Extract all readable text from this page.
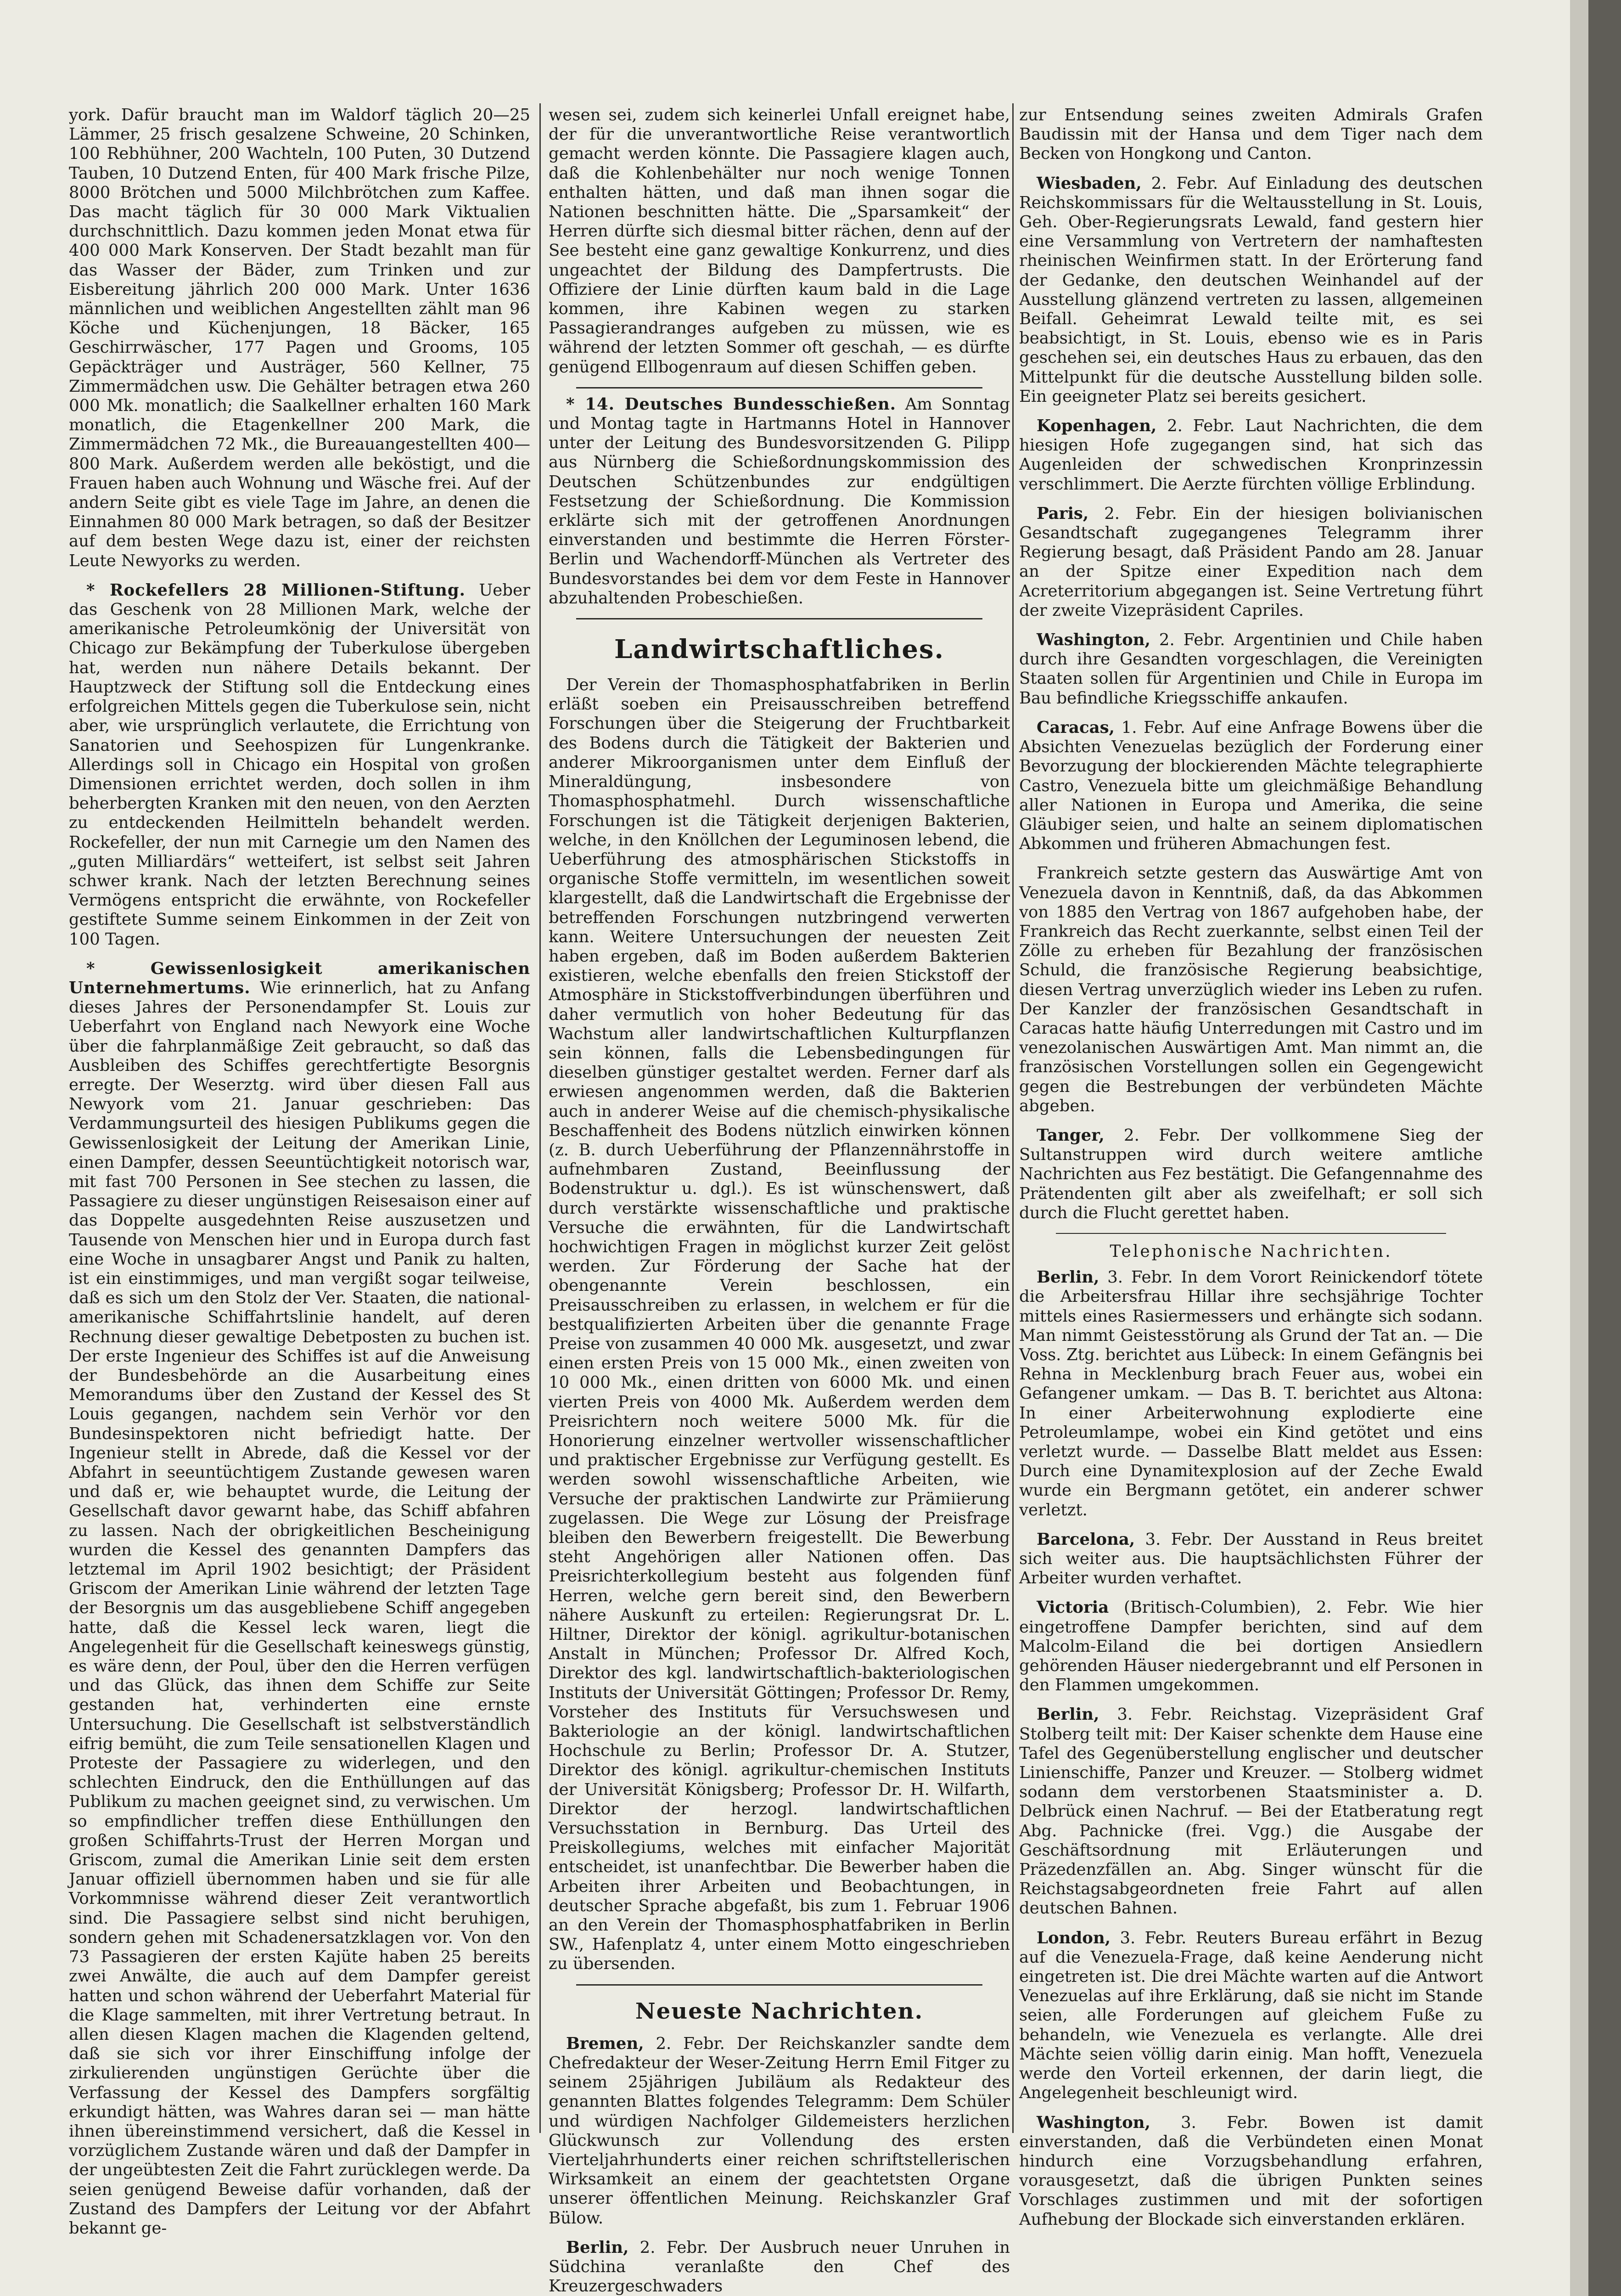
york. Dafür braucht man im Waldorf täglich 20—25 Lämmer, 25 frisch gesalzene Schweine, 20 Schinken, 100 Rebhühner, 200 Wachteln, 100 Puten, 30 Dutzend Tauben, 10 Dutzend Enten, für 400 Mark frische Pilze, 8000 Brötchen und 5000 Milchbrötchen zum Kaffee. Das macht täglich für 30 000 Mark Viktualien durchschnittlich. Dazu kommen jeden Monat etwa für 400 000 Mark Konserven. Der Stadt bezahlt man für das Wasser der Bäder, zum Trinken und zur Eisbereitung jährlich 200 000 Mark. Unter 1636 männlichen und weiblichen Angestellten zählt man 96 Köche und Küchenjungen, 18 Bäcker, 165 Geschirrwäscher, 177 Pagen und Grooms, 105 Gepäckträger und Austräger, 560 Kellner, 75 Zimmermädchen usw. Die Gehälter betragen etwa 260 000 Mk. monatlich; die Saalkellner erhalten 160 Mark monatlich, die Etagenkellner 200 Mark, die Zimmermädchen 72 Mk., die Bureauangestellten 400—800 Mark. Außerdem werden alle beköstigt, und die Frauen haben auch Wohnung und Wäsche frei. Auf der andern Seite gibt es viele Tage im Jahre, an denen die Einnahmen 80 000 Mark betragen, so daß der Besitzer auf dem besten Wege dazu ist, einer der reichsten Leute Newyorks zu werden.

* Rockefellers 28 Millionen-Stiftung. Ueber das Geschenk von 28 Millionen Mark, welche der amerikanische Petroleumkönig der Universität von Chicago zur Bekämpfung der Tuberkulose übergeben hat, werden nun nähere Details bekannt. Der Hauptzweck der Stiftung soll die Entdeckung eines erfolgreichen Mittels gegen die Tuberkulose sein, nicht aber, wie ursprünglich verlautete, die Errichtung von Sanatorien und Seehospizen für Lungenkranke. Allerdings soll in Chicago ein Hospital von großen Dimensionen errichtet werden, doch sollen in ihm beherbergten Kranken mit den neuen, von den Aerzten zu entdeckenden Heilmitteln behandelt werden. Rockefeller, der nun mit Carnegie um den Namen des „guten Milliardärs“ wetteifert, ist selbst seit Jahren schwer krank. Nach der letzten Berechnung seines Vermögens entspricht die erwähnte, von Rockefeller gestiftete Summe seinem Einkommen in der Zeit von 100 Tagen.

* Gewissenlosigkeit amerikanischen Unternehmertums. Wie erinnerlich, hat zu Anfang dieses Jahres der Personendampfer St. Louis zur Ueberfahrt von England nach Newyork eine Woche über die fahrplanmäßige Zeit gebraucht, so daß das Ausbleiben des Schiffes gerechtfertigte Besorgnis erregte. Der Weserztg. wird über diesen Fall aus Newyork vom 21. Januar geschrieben: Das Verdammungsurteil des hiesigen Publikums gegen die Gewissenlosigkeit der Leitung der Amerikan Linie, einen Dampfer, dessen Seeuntüchtigkeit notorisch war, mit fast 700 Personen in See stechen zu lassen, die Passagiere zu dieser ungünstigen Reisesaison einer auf das Doppelte ausgedehnten Reise auszusetzen und Tausende von Menschen hier und in Europa durch fast eine Woche in unsagbarer Angst und Panik zu halten, ist ein einstimmiges, und man vergißt sogar teilweise, daß es sich um den Stolz der Ver. Staaten, die national-amerikanische Schiffahrtslinie handelt, auf deren Rechnung dieser gewaltige Debetposten zu buchen ist. Der erste Ingenieur des Schiffes ist auf die Anweisung der Bundesbehörde an die Ausarbeitung eines Memorandums über den Zustand der Kessel des St Louis gegangen, nachdem sein Verhör vor den Bundesinspektoren nicht befriedigt hatte. Der Ingenieur stellt in Abrede, daß die Kessel vor der Abfahrt in seeuntüchtigem Zustande gewesen waren und daß er, wie behauptet wurde, die Leitung der Gesellschaft davor gewarnt habe, das Schiff abfahren zu lassen. Nach der obrigkeitlichen Bescheinigung wurden die Kessel des genannten Dampfers das letztemal im April 1902 besichtigt; der Präsident Griscom der Amerikan Linie während der letzten Tage der Besorgnis um das ausgebliebene Schiff angegeben hatte, daß die Kessel leck waren, liegt die Angelegenheit für die Gesellschaft keineswegs günstig, es wäre denn, der Poul, über den die Herren verfügen und das Glück, das ihnen dem Schiffe zur Seite gestanden hat, verhinderten eine ernste Untersuchung. Die Gesellschaft ist selbstverständlich eifrig bemüht, die zum Teile sensationellen Klagen und Proteste der Passagiere zu widerlegen, und den schlechten Eindruck, den die Enthüllungen auf das Publikum zu machen geeignet sind, zu verwischen. Um so empfindlicher treffen diese Enthüllungen den großen Schiffahrts-Trust der Herren Morgan und Griscom, zumal die Amerikan Linie seit dem ersten Januar offiziell übernommen haben und sie für alle Vorkommnisse während dieser Zeit verantwortlich sind. Die Passagiere selbst sind nicht beruhigen, sondern gehen mit Schadenersatzklagen vor. Von den 73 Passagieren der ersten Kajüte haben 25 bereits zwei Anwälte, die auch auf dem Dampfer gereist hatten und schon während der Ueberfahrt Material für die Klage sammelten, mit ihrer Vertretung betraut. In allen diesen Klagen machen die Klagenden geltend, daß sie sich vor ihrer Einschiffung infolge der zirkulierenden ungünstigen Gerüchte über die Verfassung der Kessel des Dampfers sorgfältig erkundigt hätten, was Wahres daran sei — man hätte ihnen übereinstimmend versichert, daß die Kessel in vorzüglichem Zustande wären und daß der Dampfer in der ungeübtesten Zeit die Fahrt zurücklegen werde. Da seien genügend Beweise dafür vorhanden, daß der Zustand des Dampfers der Leitung vor der Abfahrt bekannt ge-

wesen sei, zudem sich keinerlei Unfall ereignet habe, der für die unverantwortliche Reise verantwortlich gemacht werden könnte. Die Passagiere klagen auch, daß die Kohlenbehälter nur noch wenige Tonnen enthalten hätten, und daß man ihnen sogar die Nationen beschnitten hätte. Die „Sparsamkeit“ der Herren dürfte sich diesmal bitter rächen, denn auf der See besteht eine ganz gewaltige Konkurrenz, und dies ungeachtet der Bildung des Dampfertrusts. Die Offiziere der Linie dürften kaum bald in die Lage kommen, ihre Kabinen wegen zu starken Passagierandranges aufgeben zu müssen, wie es während der letzten Sommer oft geschah, — es dürfte genügend Ellbogenraum auf diesen Schiffen geben.

* 14. Deutsches Bundesschießen. Am Sonntag und Montag tagte in Hartmanns Hotel in Hannover unter der Leitung des Bundesvorsitzenden G. Pilipp aus Nürnberg die Schießordnungskommission des Deutschen Schützenbundes zur endgültigen Festsetzung der Schießordnung. Die Kommission erklärte sich mit der getroffenen Anordnungen einverstanden und bestimmte die Herren Förster-Berlin und Wachendorff-München als Vertreter des Bundesvorstandes bei dem vor dem Feste in Hannover abzuhaltenden Probeschießen.

Landwirtschaftliches.

Der Verein der Thomasphosphatfabriken in Berlin erläßt soeben ein Preisausschreiben betreffend Forschungen über die Steigerung der Fruchtbarkeit des Bodens durch die Tätigkeit der Bakterien und anderer Mikroorganismen unter dem Einfluß der Mineraldüngung, insbesondere von Thomasphosphatmehl. Durch wissenschaftliche Forschungen ist die Tätigkeit derjenigen Bakterien, welche, in den Knöllchen der Leguminosen lebend, die Ueberführung des atmosphärischen Stickstoffs in organische Stoffe vermitteln, im wesentlichen soweit klargestellt, daß die Landwirtschaft die Ergebnisse der betreffenden Forschungen nutzbringend verwerten kann. Weitere Untersuchungen der neuesten Zeit haben ergeben, daß im Boden außerdem Bakterien existieren, welche ebenfalls den freien Stickstoff der Atmosphäre in Stickstoffverbindungen überführen und daher vermutlich von hoher Bedeutung für das Wachstum aller landwirtschaftlichen Kulturpflanzen sein können, falls die Lebensbedingungen für dieselben günstiger gestaltet werden. Ferner darf als erwiesen angenommen werden, daß die Bakterien auch in anderer Weise auf die chemisch-physikalische Beschaffenheit des Bodens nützlich einwirken können (z. B. durch Ueberführung der Pflanzennährstoffe in aufnehmbaren Zustand, Beeinflussung der Bodenstruktur u. dgl.). Es ist wünschenswert, daß durch verstärkte wissenschaftliche und praktische Versuche die erwähnten, für die Landwirtschaft hochwichtigen Fragen in möglichst kurzer Zeit gelöst werden. Zur Förderung der Sache hat der obengenannte Verein beschlossen, ein Preisausschreiben zu erlassen, in welchem er für die bestqualifizierten Arbeiten über die genannte Frage Preise von zusammen 40 000 Mk. ausgesetzt, und zwar einen ersten Preis von 15 000 Mk., einen zweiten von 10 000 Mk., einen dritten von 6000 Mk. und einen vierten Preis von 4000 Mk. Außerdem werden dem Preisrichtern noch weitere 5000 Mk. für die Honorierung einzelner wertvoller wissenschaftlicher und praktischer Ergebnisse zur Verfügung gestellt. Es werden sowohl wissenschaftliche Arbeiten, wie Versuche der praktischen Landwirte zur Prämiierung zugelassen. Die Wege zur Lösung der Preisfrage bleiben den Bewerbern freigestellt. Die Bewerbung steht Angehörigen aller Nationen offen. Das Preisrichterkollegium besteht aus folgenden fünf Herren, welche gern bereit sind, den Bewerbern nähere Auskunft zu erteilen: Regierungsrat Dr. L. Hiltner, Direktor der königl. agrikultur-botanischen Anstalt in München; Professor Dr. Alfred Koch, Direktor des kgl. landwirtschaftlich-bakteriologischen Instituts der Universität Göttingen; Professor Dr. Remy, Vorsteher des Instituts für Versuchswesen und Bakteriologie an der königl. landwirtschaftlichen Hochschule zu Berlin; Professor Dr. A. Stutzer, Direktor des königl. agrikultur-chemischen Instituts der Universität Königsberg; Professor Dr. H. Wilfarth, Direktor der herzogl. landwirtschaftlichen Versuchsstation in Bernburg. Das Urteil des Preiskollegiums, welches mit einfacher Majorität entscheidet, ist unanfechtbar. Die Bewerber haben die Arbeiten ihrer Arbeiten und Beobachtungen, in deutscher Sprache abgefaßt, bis zum 1. Februar 1906 an den Verein der Thomasphosphatfabriken in Berlin SW., Hafenplatz 4, unter einem Motto eingeschrieben zu übersenden.

Neueste Nachrichten.

Bremen, 2. Febr. Der Reichskanzler sandte dem Chefredakteur der Weser-Zeitung Herrn Emil Fitger zu seinem 25jährigen Jubiläum als Redakteur des genannten Blattes folgendes Telegramm: Dem Schüler und würdigen Nachfolger Gildemeisters herzlichen Glückwunsch zur Vollendung des ersten Vierteljahrhunderts einer reichen schriftstellerischen Wirksamkeit an einem der geachtetsten Organe unserer öffentlichen Meinung. Reichskanzler Graf Bülow.

Berlin, 2. Febr. Der Ausbruch neuer Unruhen in Südchina veranlaßte den Chef des Kreuzergeschwaders

zur Entsendung seines zweiten Admirals Grafen Baudissin mit der Hansa und dem Tiger nach dem Becken von Hongkong und Canton.

Wiesbaden, 2. Febr. Auf Einladung des deutschen Reichskommissars für die Weltausstellung in St. Louis, Geh. Ober-Regierungsrats Lewald, fand gestern hier eine Versammlung von Vertretern der namhaftesten rheinischen Weinfirmen statt. In der Erörterung fand der Gedanke, den deutschen Weinhandel auf der Ausstellung glänzend vertreten zu lassen, allgemeinen Beifall. Geheimrat Lewald teilte mit, es sei beabsichtigt, in St. Louis, ebenso wie es in Paris geschehen sei, ein deutsches Haus zu erbauen, das den Mittelpunkt für die deutsche Ausstellung bilden solle. Ein geeigneter Platz sei bereits gesichert.

Kopenhagen, 2. Febr. Laut Nachrichten, die dem hiesigen Hofe zugegangen sind, hat sich das Augenleiden der schwedischen Kronprinzessin verschlimmert. Die Aerzte fürchten völlige Erblindung.

Paris, 2. Febr. Ein der hiesigen bolivianischen Gesandtschaft zugegangenes Telegramm ihrer Regierung besagt, daß Präsident Pando am 28. Januar an der Spitze einer Expedition nach dem Acreterritorium abgegangen ist. Seine Vertretung führt der zweite Vizepräsident Capriles.

Washington, 2. Febr. Argentinien und Chile haben durch ihre Gesandten vorgeschlagen, die Vereinigten Staaten sollen für Argentinien und Chile in Europa im Bau befindliche Kriegsschiffe ankaufen.

Caracas, 1. Febr. Auf eine Anfrage Bowens über die Absichten Venezuelas bezüglich der Forderung einer Bevorzugung der blockierenden Mächte telegraphierte Castro, Venezuela bitte um gleichmäßige Behandlung aller Nationen in Europa und Amerika, die seine Gläubiger seien, und halte an seinem diplomatischen Abkommen und früheren Abmachungen fest.

Frankreich setzte gestern das Auswärtige Amt von Venezuela davon in Kenntniß, daß, da das Abkommen von 1885 den Vertrag von 1867 aufgehoben habe, der Frankreich das Recht zuerkannte, selbst einen Teil der Zölle zu erheben für Bezahlung der französischen Schuld, die französische Regierung beabsichtige, diesen Vertrag unverzüglich wieder ins Leben zu rufen. Der Kanzler der französischen Gesandtschaft in Caracas hatte häufig Unterredungen mit Castro und im venezolanischen Auswärtigen Amt. Man nimmt an, die französischen Vorstellungen sollen ein Gegengewicht gegen die Bestrebungen der verbündeten Mächte abgeben.

Tanger, 2. Febr. Der vollkommene Sieg der Sultanstruppen wird durch weitere amtliche Nachrichten aus Fez bestätigt. Die Gefangennahme des Prätendenten gilt aber als zweifelhaft; er soll sich durch die Flucht gerettet haben.

Telephonische Nachrichten.

Berlin, 3. Febr. In dem Vorort Reinickendorf tötete die Arbeitersfrau Hillar ihre sechsjährige Tochter mittels eines Rasiermessers und erhängte sich sodann. Man nimmt Geistesstörung als Grund der Tat an. — Die Voss. Ztg. berichtet aus Lübeck: In einem Gefängnis bei Rehna in Mecklenburg brach Feuer aus, wobei ein Gefangener umkam. — Das B. T. berichtet aus Altona: In einer Arbeiterwohnung explodierte eine Petroleumlampe, wobei ein Kind getötet und eins verletzt wurde. — Dasselbe Blatt meldet aus Essen: Durch eine Dynamitexplosion auf der Zeche Ewald wurde ein Bergmann getötet, ein anderer schwer verletzt.

Barcelona, 3. Febr. Der Ausstand in Reus breitet sich weiter aus. Die hauptsächlichsten Führer der Arbeiter wurden verhaftet.

Victoria (Britisch-Columbien), 2. Febr. Wie hier eingetroffene Dampfer berichten, sind auf dem Malcolm-Eiland die bei dortigen Ansiedlern gehörenden Häuser niedergebrannt und elf Personen in den Flammen umgekommen.

Berlin, 3. Febr. Reichstag. Vizepräsident Graf Stolberg teilt mit: Der Kaiser schenkte dem Hause eine Tafel des Gegenüberstellung englischer und deutscher Linienschiffe, Panzer und Kreuzer. — Stolberg widmet sodann dem verstorbenen Staatsminister a. D. Delbrück einen Nachruf. — Bei der Etatberatung regt Abg. Pachnicke (frei. Vgg.) die Ausgabe der Geschäftsordnung mit Erläuterungen und Präzedenzfällen an. Abg. Singer wünscht für die Reichstagsabgeordneten freie Fahrt auf allen deutschen Bahnen.

London, 3. Febr. Reuters Bureau erfährt in Bezug auf die Venezuela-Frage, daß keine Aenderung nicht eingetreten ist. Die drei Mächte warten auf die Antwort Venezuelas auf ihre Erklärung, daß sie nicht im Stande seien, alle Forderungen auf gleichem Fuße zu behandeln, wie Venezuela es verlangte. Alle drei Mächte seien völlig darin einig. Man hofft, Venezuela werde den Vorteil erkennen, der darin liegt, die Angelegenheit beschleunigt wird.

Washington, 3. Febr. Bowen ist damit einverstanden, daß die Verbündeten einen Monat hindurch eine Vorzugsbehandlung erfahren, vorausgesetzt, daß die übrigen Punkten seines Vorschlages zustimmen und mit der sofortigen Aufhebung der Blockade sich einverstanden erklären.
